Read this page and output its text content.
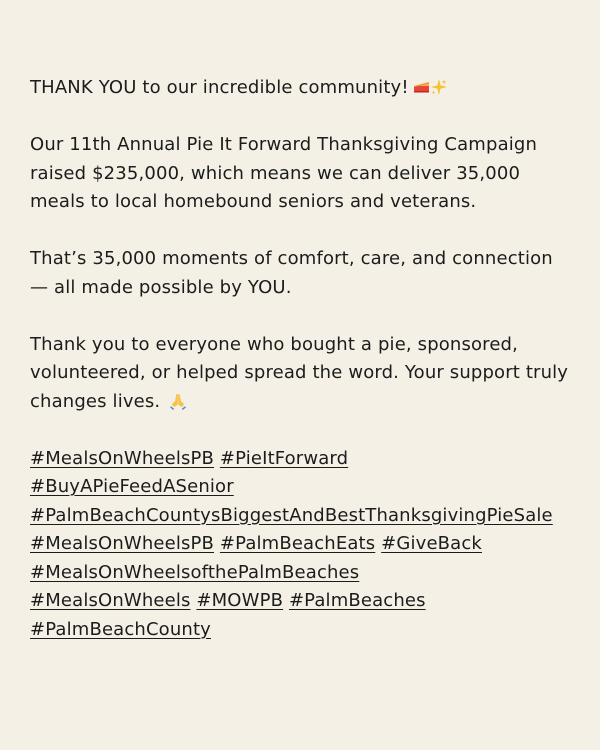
THANK YOU to our incredible community!

Our 11th Annual Pie It Forward Thanksgiving Campaign raised $235,000, which means we can deliver 35,000 meals to local homebound seniors and veterans.

That’s 35,000 moments of comfort, care, and connection — all made possible by YOU.

Thank you to everyone who bought a pie, sponsored, volunteered, or helped spread the word. Your support truly changes lives.

#MealsOnWheelsPB #PieItForward
#BuyAPieFeedASenior
#PalmBeachCountysBiggestAndBestThanksgivingPieSale #MealsOnWheelsPB #PalmBeachEats #GiveBack
#MealsOnWheelsofthePalmBeaches
#MealsOnWheels #MOWPB #PalmBeaches
#PalmBeachCounty
